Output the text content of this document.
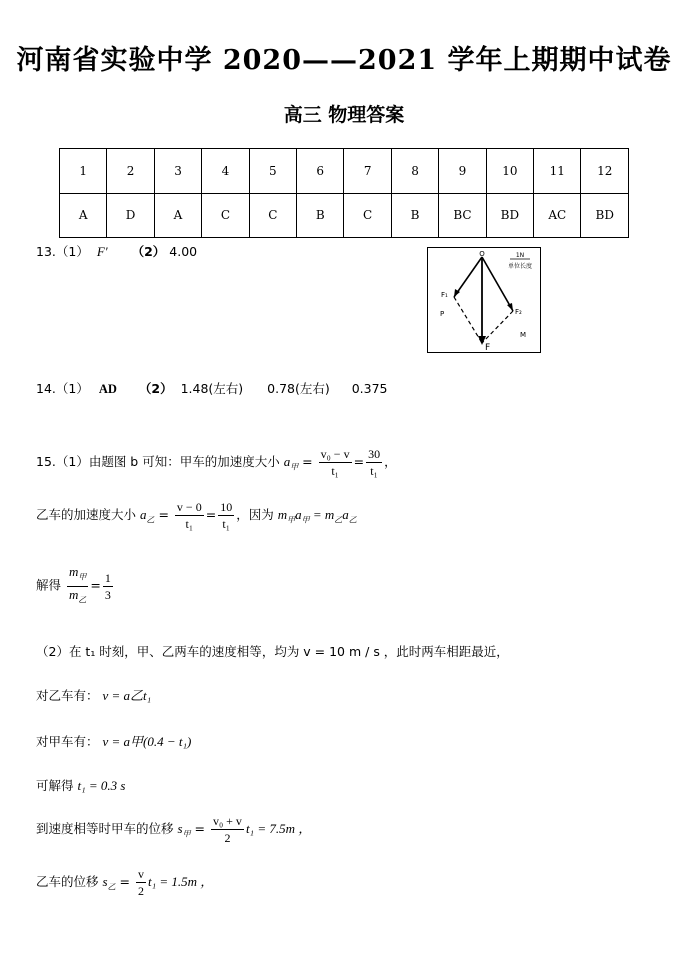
河南省实验中学 2020——2021 学年上期期中试卷
高三 物理答案
1	2	3	4	5	6	7	8	9	10	11	12
A	D	A	C	C	B	C	B	BC	BD	AC	BD
13.（1） F′ （2） 4.00	O	1N
单位长度
F₁
F₂
F
P
M
14.（1） AD （2） 1.48(左右) 0.78(左右) 0.375
15.（1）由题图 b 可知：甲车的加速度大小 $a_甲 = \frac{\text{v₀ − v}}{\text{t₁}} = \frac{30}{\text{t₁}}$ ，
乙车的加速度大小 $a_乙 = \frac{v - 0}{\text{t₁}} = \frac{10}{\text{t₁}}$ ，因为 $m_甲a_甲 = m_乙a_乙$
解得 $\frac{m_甲}{m_乙} = \frac{1}{3}$
（2）在 t₁ 时刻，甲、乙两车的速度相等，均为 v = 10 m / s ，此时两车相距最近，
对乙车有： v = a乙t₁
对甲车有： v = a甲(0.4 − t₁)
可解得 t₁ = 0.3 s
到速度相等时甲车的位移 $s_甲 = \frac{\text{v₀ + v}}{2} t_1 = 7.5m$ ，
乙车的位移 $s_乙 = \frac{v}{2} t_1 = 1.5m$ ，
